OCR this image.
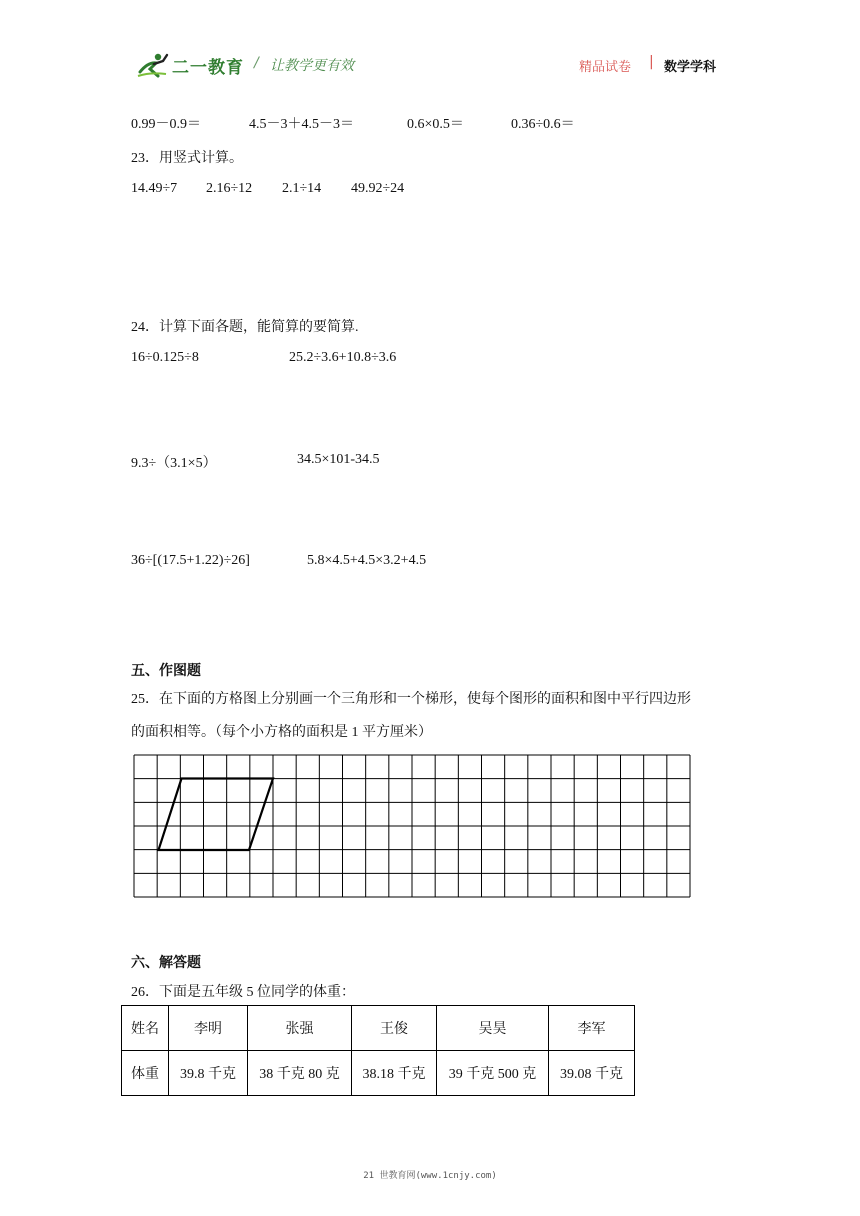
二一教育 / 让教学更有效	精品试卷 | 数学学科
0.99－0.9＝	4.5－3＋4.5－3＝	0.6×0.5＝	0.36÷0.6＝
23．用竖式计算。
14.49÷7 2.16÷12 2.1÷14 49.92÷24
24．计算下面各题，能简算的要简算.
16÷0.125÷8	25.2÷3.6+10.8÷3.6
9.3÷（3.1×5）	34.5×101-34.5
36÷[(17.5+1.22)÷26]	5.8×4.5+4.5×3.2+4.5
五、作图题
25．在下面的方格图上分别画一个三角形和一个梯形，使每个图形的面积和图中平行四边形
的面积相等。（每个小方格的面积是 1 平方厘米）
六、解答题
26．下面是五年级 5 位同学的体重：
姓名	李明	张强	王俊	吴昊	李军
体重	39.8 千克	38 千克 80 克	38.18 千克	39 千克 500 克	39.08 千克
21 世教育网(www.1cnjy.com)
